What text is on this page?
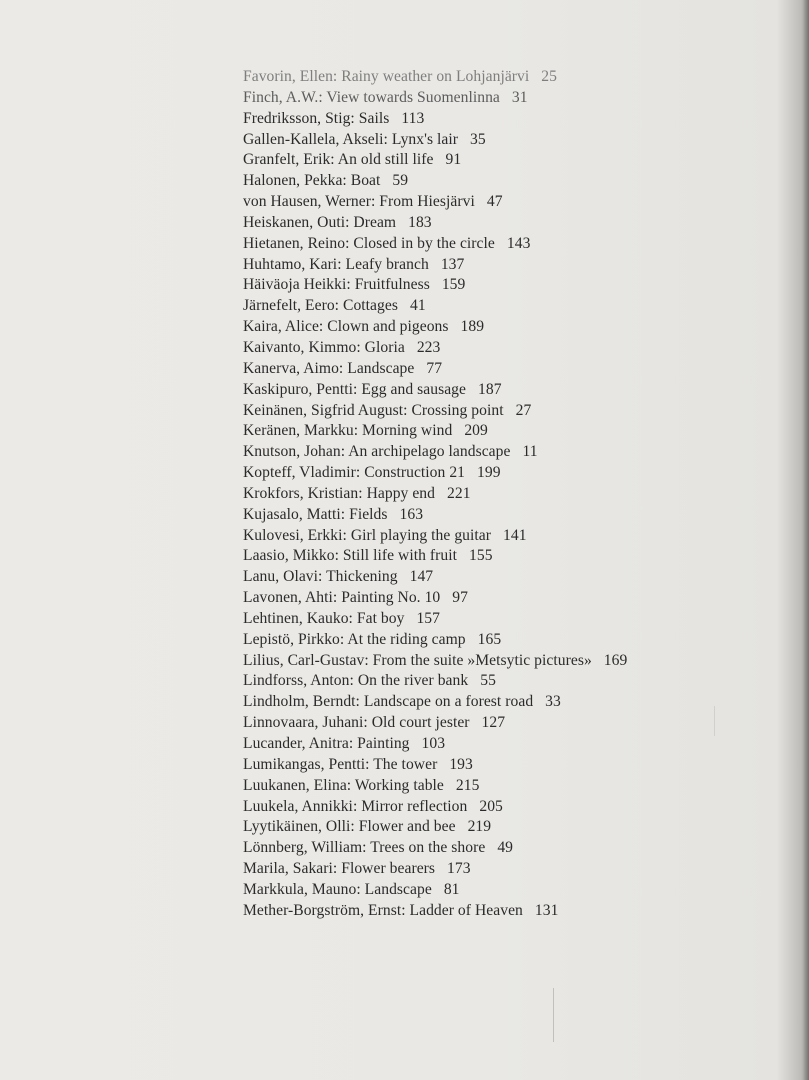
Favorin, Ellen: Rainy weather on Lohjanjärvi 25
Finch, A.W.: View towards Suomenlinna 31
Fredriksson, Stig: Sails 113
Gallen-Kallela, Akseli: Lynx's lair 35
Granfelt, Erik: An old still life 91
Halonen, Pekka: Boat 59
von Hausen, Werner: From Hiesjärvi 47
Heiskanen, Outi: Dream 183
Hietanen, Reino: Closed in by the circle 143
Huhtamo, Kari: Leafy branch 137
Häiväoja Heikki: Fruitfulness 159
Järnefelt, Eero: Cottages 41
Kaira, Alice: Clown and pigeons 189
Kaivanto, Kimmo: Gloria 223
Kanerva, Aimo: Landscape 77
Kaskipuro, Pentti: Egg and sausage 187
Keinänen, Sigfrid August: Crossing point 27
Keränen, Markku: Morning wind 209
Knutson, Johan: An archipelago landscape 11
Kopteff, Vladimir: Construction 21 199
Krokfors, Kristian: Happy end 221
Kujasalo, Matti: Fields 163
Kulovesi, Erkki: Girl playing the guitar 141
Laasio, Mikko: Still life with fruit 155
Lanu, Olavi: Thickening 147
Lavonen, Ahti: Painting No. 10 97
Lehtinen, Kauko: Fat boy 157
Lepistö, Pirkko: At the riding camp 165
Lilius, Carl-Gustav: From the suite »Metsytic pictures» 169
Lindforss, Anton: On the river bank 55
Lindholm, Berndt: Landscape on a forest road 33
Linnovaara, Juhani: Old court jester 127
Lucander, Anitra: Painting 103
Lumikangas, Pentti: The tower 193
Luukanen, Elina: Working table 215
Luukela, Annikki: Mirror reflection 205
Lyytikäinen, Olli: Flower and bee 219
Lönnberg, William: Trees on the shore 49
Marila, Sakari: Flower bearers 173
Markkula, Mauno: Landscape 81
Mether-Borgström, Ernst: Ladder of Heaven 131
